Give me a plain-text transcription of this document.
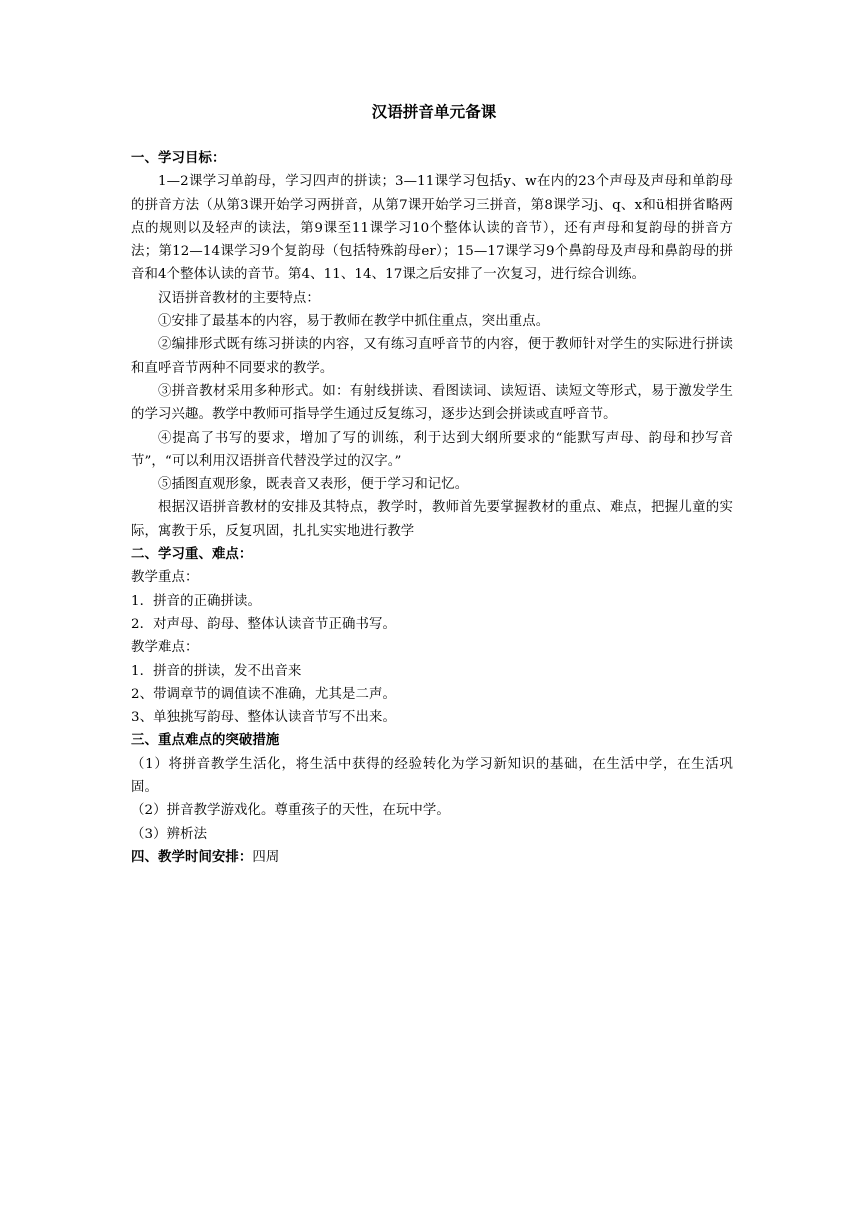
汉语拼音单元备课
一、学习目标：

1—2课学习单韵母，学习四声的拼读；3—11课学习包括y、w在内的23个声母及声母和单韵母的拼音方法（从第3课开始学习两拼音，从第7课开始学习三拼音，第8课学习j、q、x和ü相拼省略两点的规则以及轻声的读法，第9课至11课学习10个整体认读的音节），还有声母和复韵母的拼音方法；第12—14课学习9个复韵母（包括特殊韵母er）；15—17课学习9个鼻韵母及声母和鼻韵母的拼音和4个整体认读的音节。第4、11、14、17课之后安排了一次复习，进行综合训练。

汉语拼音教材的主要特点：

①安排了最基本的内容，易于教师在教学中抓住重点，突出重点。

②编排形式既有练习拼读的内容，又有练习直呼音节的内容，便于教师针对学生的实际进行拼读和直呼音节两种不同要求的教学。

③拼音教材采用多种形式。如：有射线拼读、看图读词、读短语、读短文等形式，易于激发学生的学习兴趣。教学中教师可指导学生通过反复练习，逐步达到会拼读或直呼音节。

④提高了书写的要求，增加了写的训练，利于达到大纲所要求的“能默写声母、韵母和抄写音节”，“可以利用汉语拼音代替没学过的汉字。”

⑤插图直观形象，既表音又表形，便于学习和记忆。

根据汉语拼音教材的安排及其特点，教学时，教师首先要掌握教材的重点、难点，把握儿童的实际，寓教于乐，反复巩固，扎扎实实地进行教学

二、学习重、难点：

教学重点：

1．拼音的正确拼读。

2．对声母、韵母、整体认读音节正确书写。

教学难点：

1．拼音的拼读，发不出音来

2、带调章节的调值读不准确，尤其是二声。

3、单独挑写韵母、整体认读音节写不出来。

三、重点难点的突破措施

（1）将拼音教学生活化，将生活中获得的经验转化为学习新知识的基础，在生活中学，在生活巩固。

（2）拼音教学游戏化。尊重孩子的天性，在玩中学。

（3）辨析法

四、教学时间安排：四周
